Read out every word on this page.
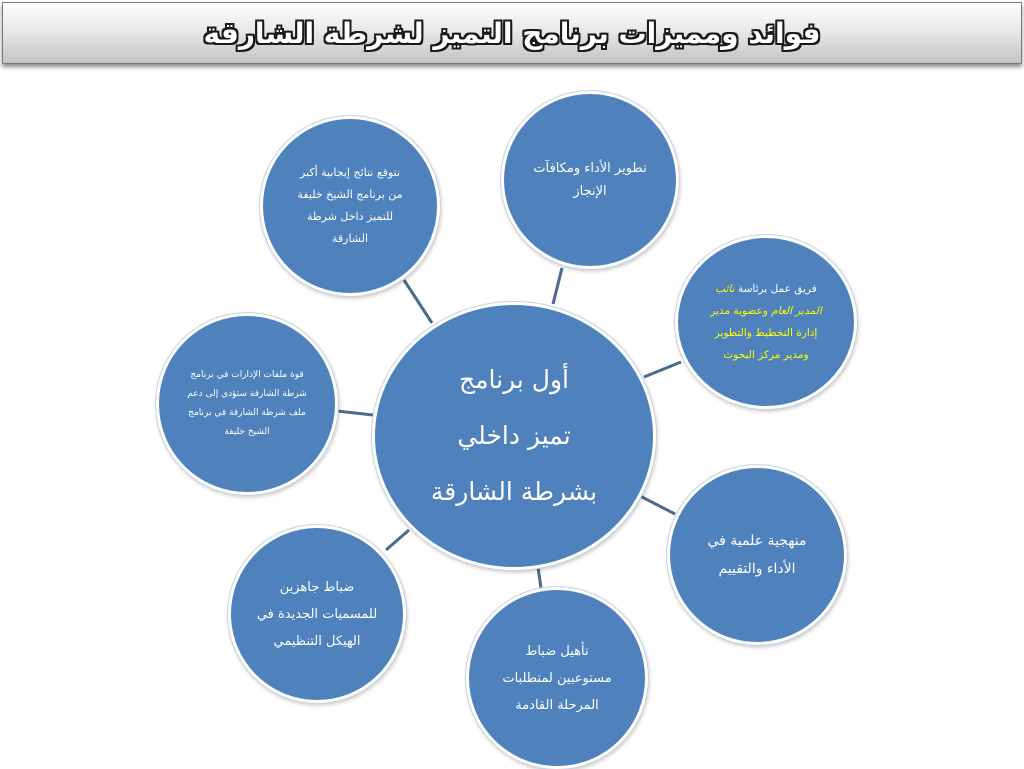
فوائد ومميزات برنامج التميز لشرطة الشارقة
أول برنامج
تميز داخلي
بشرطة الشارقة
تطوير الأداء ومكافآت
الإنجاز
نتوقع نتائج إيجابية أكبر
من برنامج الشيخ خليفة
للتميز داخل شرطة
الشارقة
فريق عمل برئاسة نائب
المدير العام وعضوية مدير
إدارة التخطيط والتطوير
ومدير مركز البحوث
قوة ملفات الإدارات في برنامج
شرطة الشارقة ستؤدي إلى دعم
ملف شرطة الشارقة في برنامج
الشيخ خليفة
منهجية علمية في
الأداء والتقييم
ضباط جاهزين
للمسميات الجديدة في
الهيكل التنظيمي
تأهيل ضباط
مستوعبين لمتطلبات
المرحلة القادمة
